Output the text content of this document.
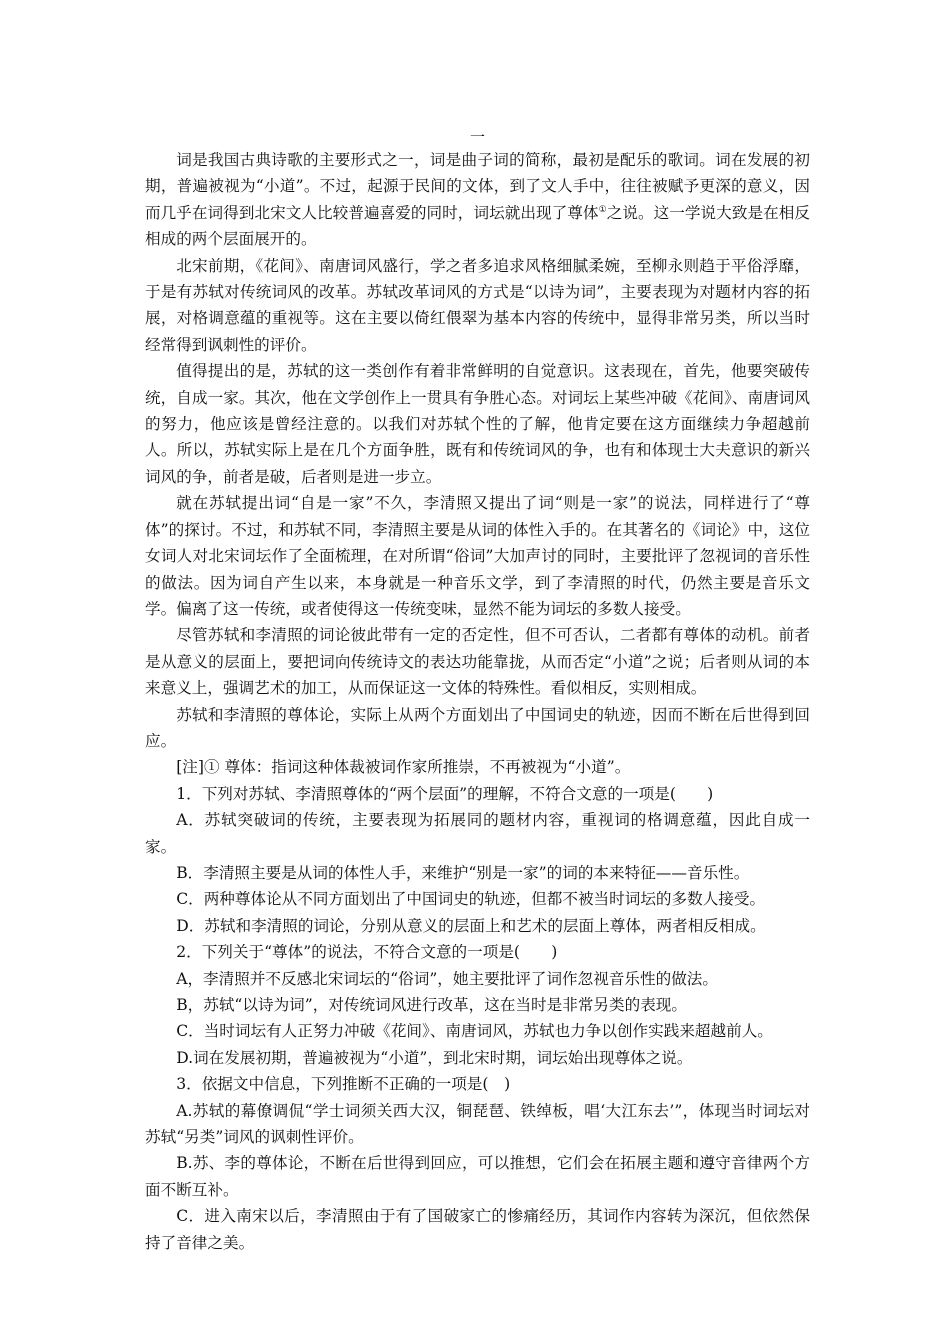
一

词是我国古典诗歌的主要形式之一，词是曲子词的简称，最初是配乐的歌词。词在发展的初期，普遍被视为“小道”。不过，起源于民间的文体，到了文人手中，往往被赋予更深的意义，因而几乎在词得到北宋文人比较普遍喜爱的同时，词坛就出现了尊体①之说。这一学说大致是在相反相成的两个层面展开的。

北宋前期，《花间》、南唐词风盛行，学之者多追求风格细腻柔婉，至柳永则趋于平俗浮靡，于是有苏轼对传统词风的改革。苏轼改革词风的方式是“以诗为词”，主要表现为对题材内容的拓展，对格调意蕴的重视等。这在主要以倚红偎翠为基本内容的传统中，显得非常另类，所以当时经常得到讽刺性的评价。

值得提出的是，苏轼的这一类创作有着非常鲜明的自觉意识。这表现在，首先，他要突破传统，自成一家。其次，他在文学创作上一贯具有争胜心态。对词坛上某些冲破《花间》、南唐词风的努力，他应该是曾经注意的。以我们对苏轼个性的了解，他肯定要在这方面继续力争超越前人。所以，苏轼实际上是在几个方面争胜，既有和传统词风的争，也有和体现士大夫意识的新兴词风的争，前者是破，后者则是进一步立。

就在苏轼提出词“自是一家”不久，李清照又提出了词“则是一家”的说法，同样进行了“尊体”的探讨。不过，和苏轼不同，李清照主要是从词的体性入手的。在其著名的《词论》中，这位女词人对北宋词坛作了全面梳理，在对所谓“俗词”大加声讨的同时，主要批评了忽视词的音乐性的做法。因为词自产生以来，本身就是一种音乐文学，到了李清照的时代，仍然主要是音乐文学。偏离了这一传统，或者使得这一传统变味，显然不能为词坛的多数人接受。

尽管苏轼和李清照的词论彼此带有一定的否定性，但不可否认，二者都有尊体的动机。前者是从意义的层面上，要把词向传统诗文的表达功能靠拢，从而否定“小道”之说；后者则从词的本来意义上，强调艺术的加工，从而保证这一文体的特殊性。看似相反，实则相成。

苏轼和李清照的尊体论，实际上从两个方面划出了中国词史的轨迹，因而不断在后世得到回应。

[注]① 尊体：指词这种体裁被词作家所推崇，不再被视为“小道”。

1．下列对苏轼、李清照尊体的“两个层面”的理解，不符合文意的一项是(　　)

A．苏轼突破词的传统，主要表现为拓展同的题材内容，重视词的格调意蕴，因此自成一家。

B．李清照主要是从词的体性人手，来维护“别是一家”的词的本来特征——音乐性。

C．两种尊体论从不同方面划出了中国词史的轨迹，但都不被当时词坛的多数人接受。

D．苏轼和李清照的词论，分别从意义的层面上和艺术的层面上尊体，两者相反相成。

2．下列关于“尊体”的说法，不符合文意的一项是(　　)

A，李清照并不反感北宋词坛的“俗词”，她主要批评了词作忽视音乐性的做法。

B，苏轼“以诗为词”，对传统词风进行改革，这在当时是非常另类的表现。

C．当时词坛有人正努力冲破《花间》、南唐词风，苏轼也力争以创作实践来超越前人。

D.词在发展初期，普遍被视为“小道”，到北宋时期，词坛始出现尊体之说。

3．依据文中信息，下列推断不正确的一项是(　)

A.苏轼的幕僚调侃“学士词须关西大汉，铜琵琶、铁绰板，唱‘大江东去’”，体现当时词坛对苏轼“另类”词风的讽刺性评价。

B.苏、李的尊体论，不断在后世得到回应，可以推想，它们会在拓展主题和遵守音律两个方面不断互补。

C．进入南宋以后，李清照由于有了国破家亡的惨痛经历，其词作内容转为深沉，但依然保持了音律之美。
